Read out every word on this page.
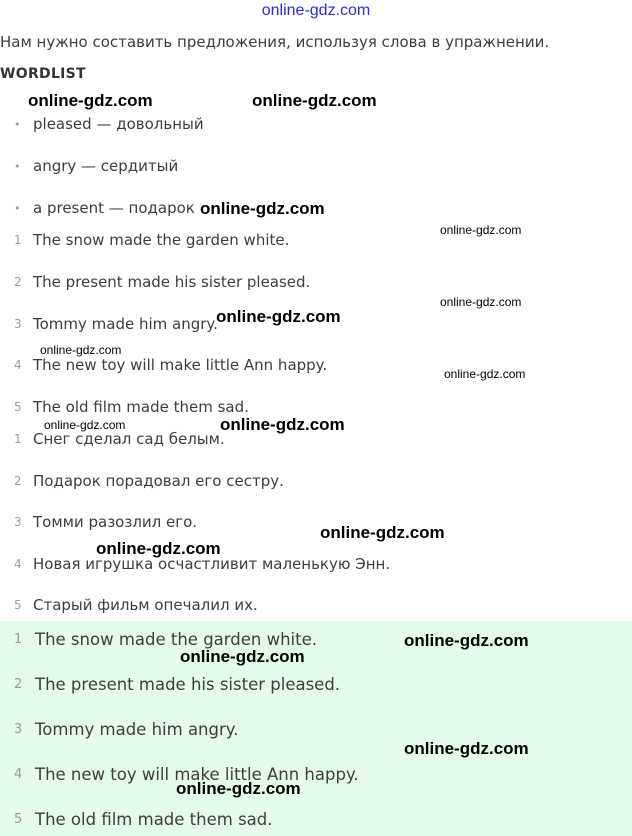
online-gdz.com
Нам нужно составить предложения, используя слова в упражнении.
WORDLIST
• pleased — довольный
• angry — сердитый
• a present — подарок
1 The snow made the garden white.
2 The present made his sister pleased.
3 Tommy made him angry.
4 The new toy will make little Ann happy.
5 The old film made them sad.
1 Снег сделал сад белым.
2 Подарок порадовал его сестру.
3 Томми разозлил его.
4 Новая игрушка осчастливит маленькую Энн.
5 Старый фильм опечалил их.
1 The snow made the garden white.
2 The present made his sister pleased.
3 Tommy made him angry.
4 The new toy will make little Ann happy.
5 The old film made them sad.
online-gdz.com	online-gdz.com
online-gdz.com
online-gdz.com
online-gdz.com
online-gdz.com
online-gdz.com
online-gdz.com
online-gdz.com	online-gdz.com
online-gdz.com
online-gdz.com
online-gdz.com
online-gdz.com
online-gdz.com
online-gdz.com
